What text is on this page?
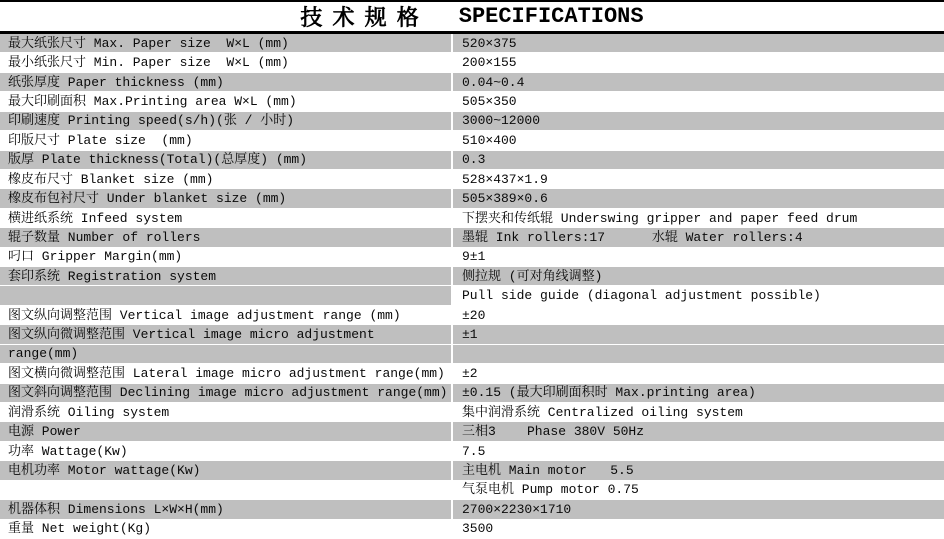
技 术 规 格 SPECIFICATIONS
最大纸张尺寸 Max. Paper size  W×L (mm)	520×375
最小纸张尺寸 Min. Paper size  W×L (mm)	200×155
纸张厚度 Paper thickness (mm)	0.04~0.4
最大印刷面积 Max.Printing area W×L (mm)	505×350
印刷速度 Printing speed(s/h)(张 / 小时)	3000~12000
印版尺寸 Plate size  (mm)	510×400
版厚 Plate thickness(Total)(总厚度) (mm)	0.3
橡皮布尺寸 Blanket size (mm)	528×437×1.9
橡皮布包衬尺寸 Under blanket size (mm)	505×389×0.6
横进纸系统 Infeed system	下摆夹和传纸辊 Underswing gripper and paper feed drum
辊子数量 Number of rollers	墨辊 Ink rollers:17      水辊 Water rollers:4
叼口 Gripper Margin(mm)	9±1
套印系统 Registration system	侧拉规 (可对角线调整)
Pull side guide (diagonal adjustment possible)
图文纵向调整范围 Vertical image adjustment range (mm)	±20
图文纵向微调整范围 Vertical image micro adjustment	±1
range(mm)
图文横向微调整范围 Lateral image micro adjustment range(mm)	±2
图文斜向调整范围 Declining image micro adjustment range(mm)	±0.15 (最大印刷面积时 Max.printing area)
润滑系统 Oiling system	集中润滑系统 Centralized oiling system
电源 Power	三相3    Phase 380V 50Hz
功率 Wattage(Kw)	7.5
电机功率 Motor wattage(Kw)	主电机 Main motor   5.5
气泵电机 Pump motor 0.75
机器体积 Dimensions L×W×H(mm)	2700×2230×1710
重量 Net weight(Kg)	3500
